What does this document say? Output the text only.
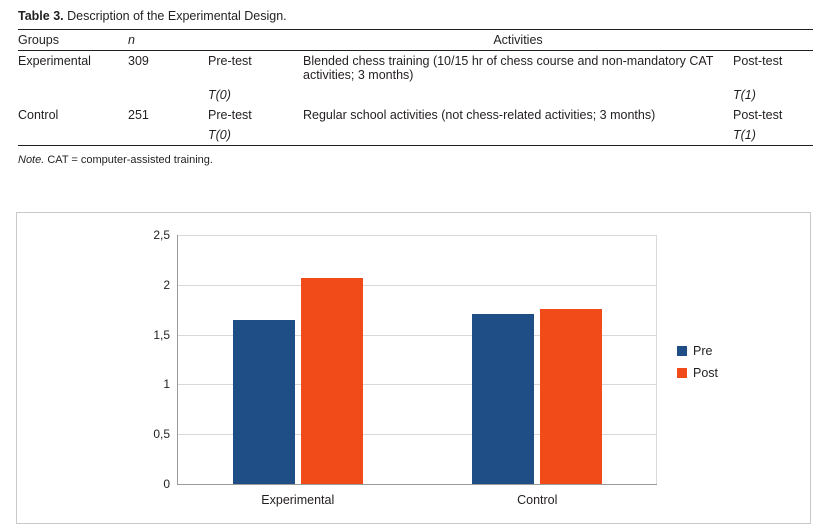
Table 3. Description of the Experimental Design.
Groups	n		Activities	
Experimental	309	Pre-test	Blended chess training (10/15 hr of chess course and non-mandatory CAT activities; 3 months)	Post-test
		T(0)		T(1)
Control	251	Pre-test	Regular school activities (not chess-related activities; 3 months)	Post-test
		T(0)		T(1)
Note. CAT = computer-assisted training.
0
0,5
1
1,5
2
2,5
Experimental	Control
Pre
Post
